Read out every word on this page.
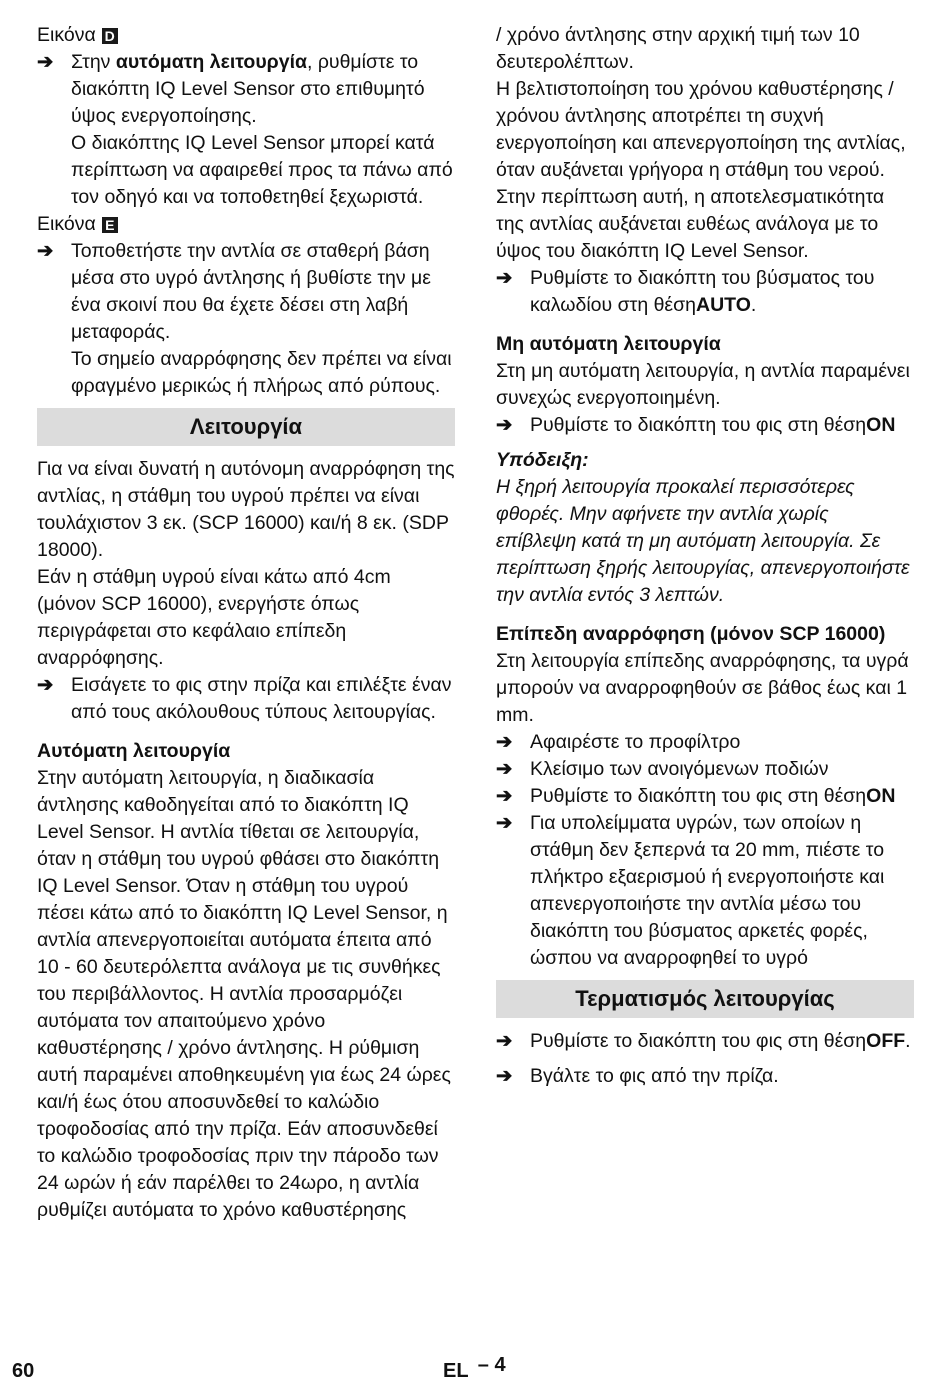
Εικόνα D
➔ Στην αυτόματη λειτουργία, ρυθμίστε το διακόπτη IQ Level Sensor στο επιθυμητό ύψος ενεργοποίησης.

Ο διακόπτης IQ Level Sensor μπορεί κατά περίπτωση να αφαιρεθεί προς τα πάνω από τον οδηγό και να τοποθετηθεί ξεχωριστά.

Εικόνα E
➔ Τοποθετήστε την αντλία σε σταθερή βάση μέσα στο υγρό άντλησης ή βυθίστε την με ένα σκοινί που θα έχετε δέσει στη λαβή μεταφοράς.

Το σημείο αναρρόφησης δεν πρέπει να είναι φραγμένο μερικώς ή πλήρως από ρύπους.

Λειτουργία

Για να είναι δυνατή η αυτόνομη αναρρόφηση της αντλίας, η στάθμη του υγρού πρέπει να είναι τουλάχιστον 3 εκ. (SCP 16000) και/ή 8 εκ. (SDP 18000).

Εάν η στάθμη υγρού είναι κάτω από 4cm (μόνον SCP 16000), ενεργήστε όπως περιγράφεται στο κεφάλαιο επίπεδη αναρρόφησης.

➔ Εισάγετε το φις στην πρίζα και επιλέξτε έναν από τους ακόλουθους τύπους λειτουργίας.

Αυτόματη λειτουργία

Στην αυτόματη λειτουργία, η διαδικασία άντλησης καθοδηγείται από το διακόπτη IQ Level Sensor. Η αντλία τίθεται σε λειτουργία, όταν η στάθμη του υγρού φθάσει στο διακόπτη IQ Level Sensor. Όταν η στάθμη του υγρού πέσει κάτω από το διακόπτη IQ Level Sensor, η αντλία απενεργοποιείται αυτόματα έπειτα από 10 - 60 δευτερόλεπτα ανάλογα με τις συνθήκες του περιβάλλοντος. Η αντλία προσαρμόζει αυτόματα τον απαιτούμενο χρόνο καθυστέρησης / χρόνο άντλησης. Η ρύθμιση αυτή παραμένει αποθηκευμένη για έως 24 ώρες και/ή έως ότου αποσυνδεθεί το καλώδιο τροφοδοσίας από την πρίζα. Εάν αποσυνδεθεί το καλώδιο τροφοδοσίας πριν την πάροδο των 24 ωρών ή εάν παρέλθει το 24ωρο, η αντλία ρυθμίζει αυτόματα το χρόνο καθυστέρησης

/ χρόνο άντλησης στην αρχική τιμή των 10 δευτερολέπτων.

Η βελτιστοποίηση του χρόνου καθυστέρησης / χρόνου άντλησης αποτρέπει τη συχνή ενεργοποίηση και απενεργοποίηση της αντλίας, όταν αυξάνεται γρήγορα η στάθμη του νερού. Στην περίπτωση αυτή, η αποτελεσματικότητα της αντλίας αυξάνεται ευθέως ανάλογα με το ύψος του διακόπτη IQ Level Sensor.

➔ Ρυθμίστε το διακόπτη του βύσματος του καλωδίου στη θέσηAUTO.

Μη αυτόματη λειτουργία

Στη μη αυτόματη λειτουργία, η αντλία παραμένει συνεχώς ενεργοποιημένη.

➔ Ρυθμίστε το διακόπτη του φις στη θέσηON

Υπόδειξη:

Η ξηρή λειτουργία προκαλεί περισσότερες φθορές. Μην αφήνετε την αντλία χωρίς επίβλεψη κατά τη μη αυτόματη λειτουργία. Σε περίπτωση ξηρής λειτουργίας, απενεργοποιήστε την αντλία εντός 3 λεπτών.

Επίπεδη αναρρόφηση (μόνον SCP 16000)

Στη λειτουργία επίπεδης αναρρόφησης, τα υγρά μπορούν να αναρροφηθούν σε βάθος έως και 1 mm.

➔ Αφαιρέστε το προφίλτρο
➔ Κλείσιμο των ανοιγόμενων ποδιών
➔ Ρυθμίστε το διακόπτη του φις στη θέσηON
➔ Για υπολείμματα υγρών, των οποίων η στάθμη δεν ξεπερνά τα 20 mm, πιέστε το πλήκτρο εξαερισμού ή ενεργοποιήστε και απενεργοποιήστε την αντλία μέσω του διακόπτη του βύσματος αρκετές φορές, ώσπου να αναρροφηθεί το υγρό
Τερματισμός λειτουργίας
➔ Ρυθμίστε το διακόπτη του φις στη θέσηOFF.
➔ Βγάλτε το φις από την πρίζα.
60	EL – 4
